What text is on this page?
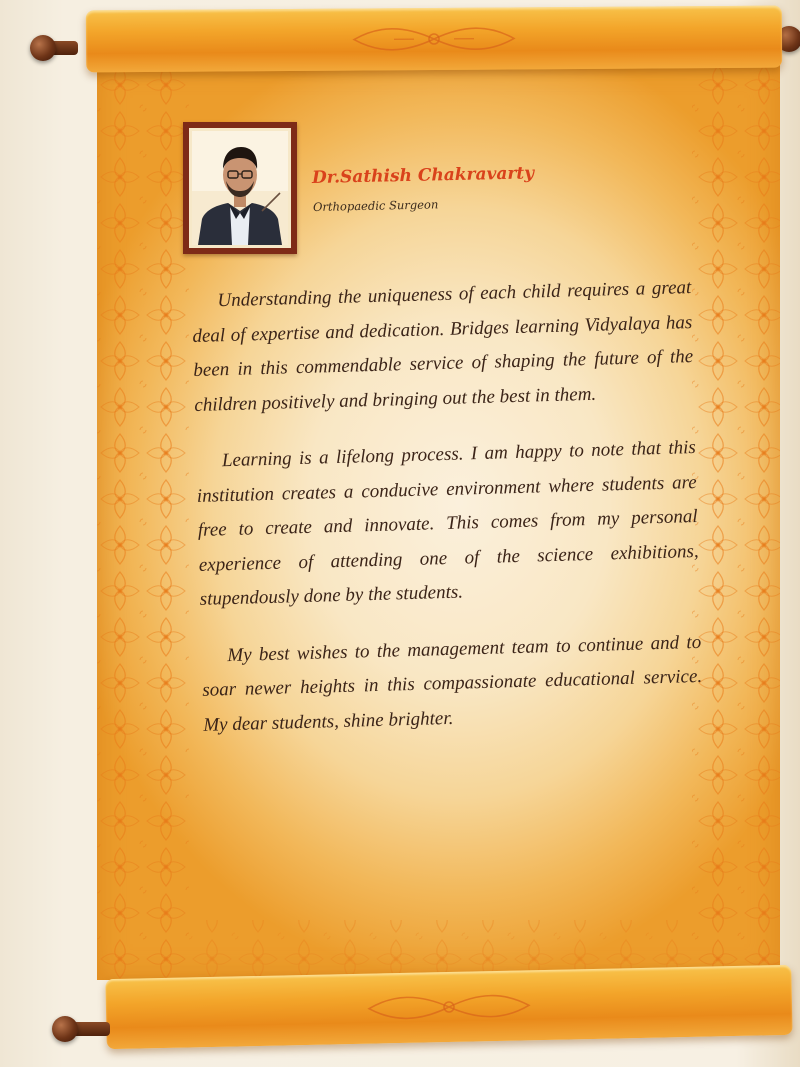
Dr.Sathish Chakravarty
Orthopaedic Surgeon

Understanding the uniqueness of each child requires a great deal of expertise and dedication. Bridges learning Vidyalaya has been in this commendable service of shaping the future of the children positively and bringing out the best in them.

Learning is a lifelong process. I am happy to note that this institution creates a conducive environment where students are free to create and innovate. This comes from my personal experience of attending one of the science exhibitions, stupendously done by the students.

My best wishes to the management team to continue and to soar newer heights in this compassionate educational service. My dear students, shine brighter.
